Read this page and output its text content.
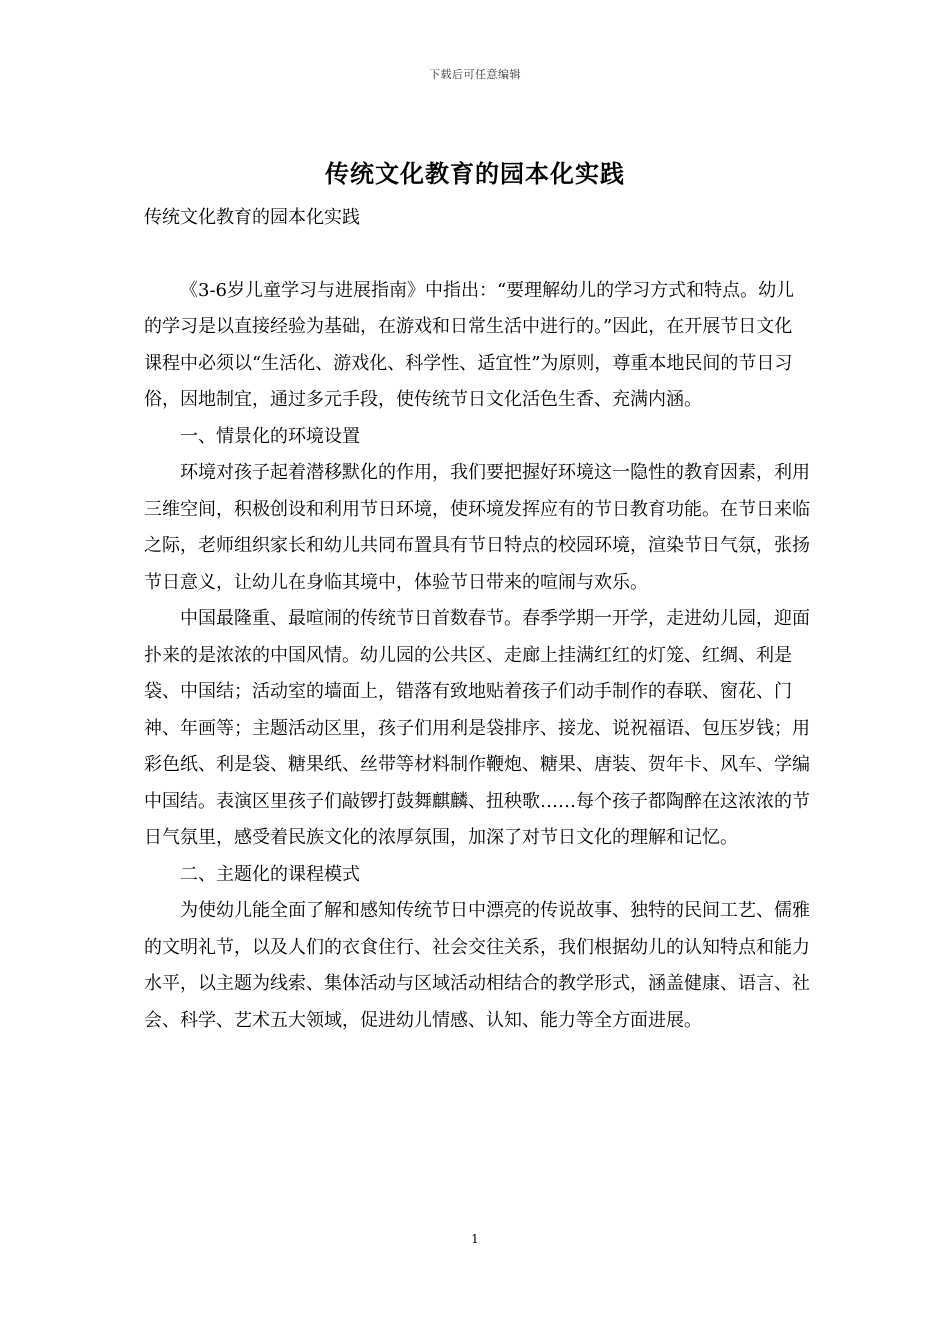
下载后可任意编辑
传统文化教育的园本化实践

传统文化教育的园本化实践

《3-6岁儿童学习与进展指南》中指出：“要理解幼儿的学习方式和特点。幼儿的学习是以直接经验为基础，在游戏和日常生活中进行的。”因此，在开展节日文化课程中必须以“生活化、游戏化、科学性、适宜性”为原则，尊重本地民间的节日习俗，因地制宜，通过多元手段，使传统节日文化活色生香、充满内涵。

一、情景化的环境设置

环境对孩子起着潜移默化的作用，我们要把握好环境这一隐性的教育因素，利用三维空间，积极创设和利用节日环境，使环境发挥应有的节日教育功能。在节日来临之际，老师组织家长和幼儿共同布置具有节日特点的校园环境，渲染节日气氛，张扬节日意义，让幼儿在身临其境中，体验节日带来的喧闹与欢乐。

中国最隆重、最喧闹的传统节日首数春节。春季学期一开学，走进幼儿园，迎面扑来的是浓浓的中国风情。幼儿园的公共区、走廊上挂满红红的灯笼、红绸、利是袋、中国结；活动室的墙面上，错落有致地贴着孩子们动手制作的春联、窗花、门神、年画等；主题活动区里，孩子们用利是袋排序、接龙、说祝福语、包压岁钱；用彩色纸、利是袋、糖果纸、丝带等材料制作鞭炮、糖果、唐装、贺年卡、风车、学编中国结。表演区里孩子们敲锣打鼓舞麒麟、扭秧歌……每个孩子都陶醉在这浓浓的节日气氛里，感受着民族文化的浓厚氛围，加深了对节日文化的理解和记忆。

二、主题化的课程模式

为使幼儿能全面了解和感知传统节日中漂亮的传说故事、独特的民间工艺、儒雅的文明礼节，以及人们的衣食住行、社会交往关系，我们根据幼儿的认知特点和能力水平，以主题为线索、集体活动与区域活动相结合的教学形式，涵盖健康、语言、社会、科学、艺术五大领域，促进幼儿情感、认知、能力等全方面进展。

1
